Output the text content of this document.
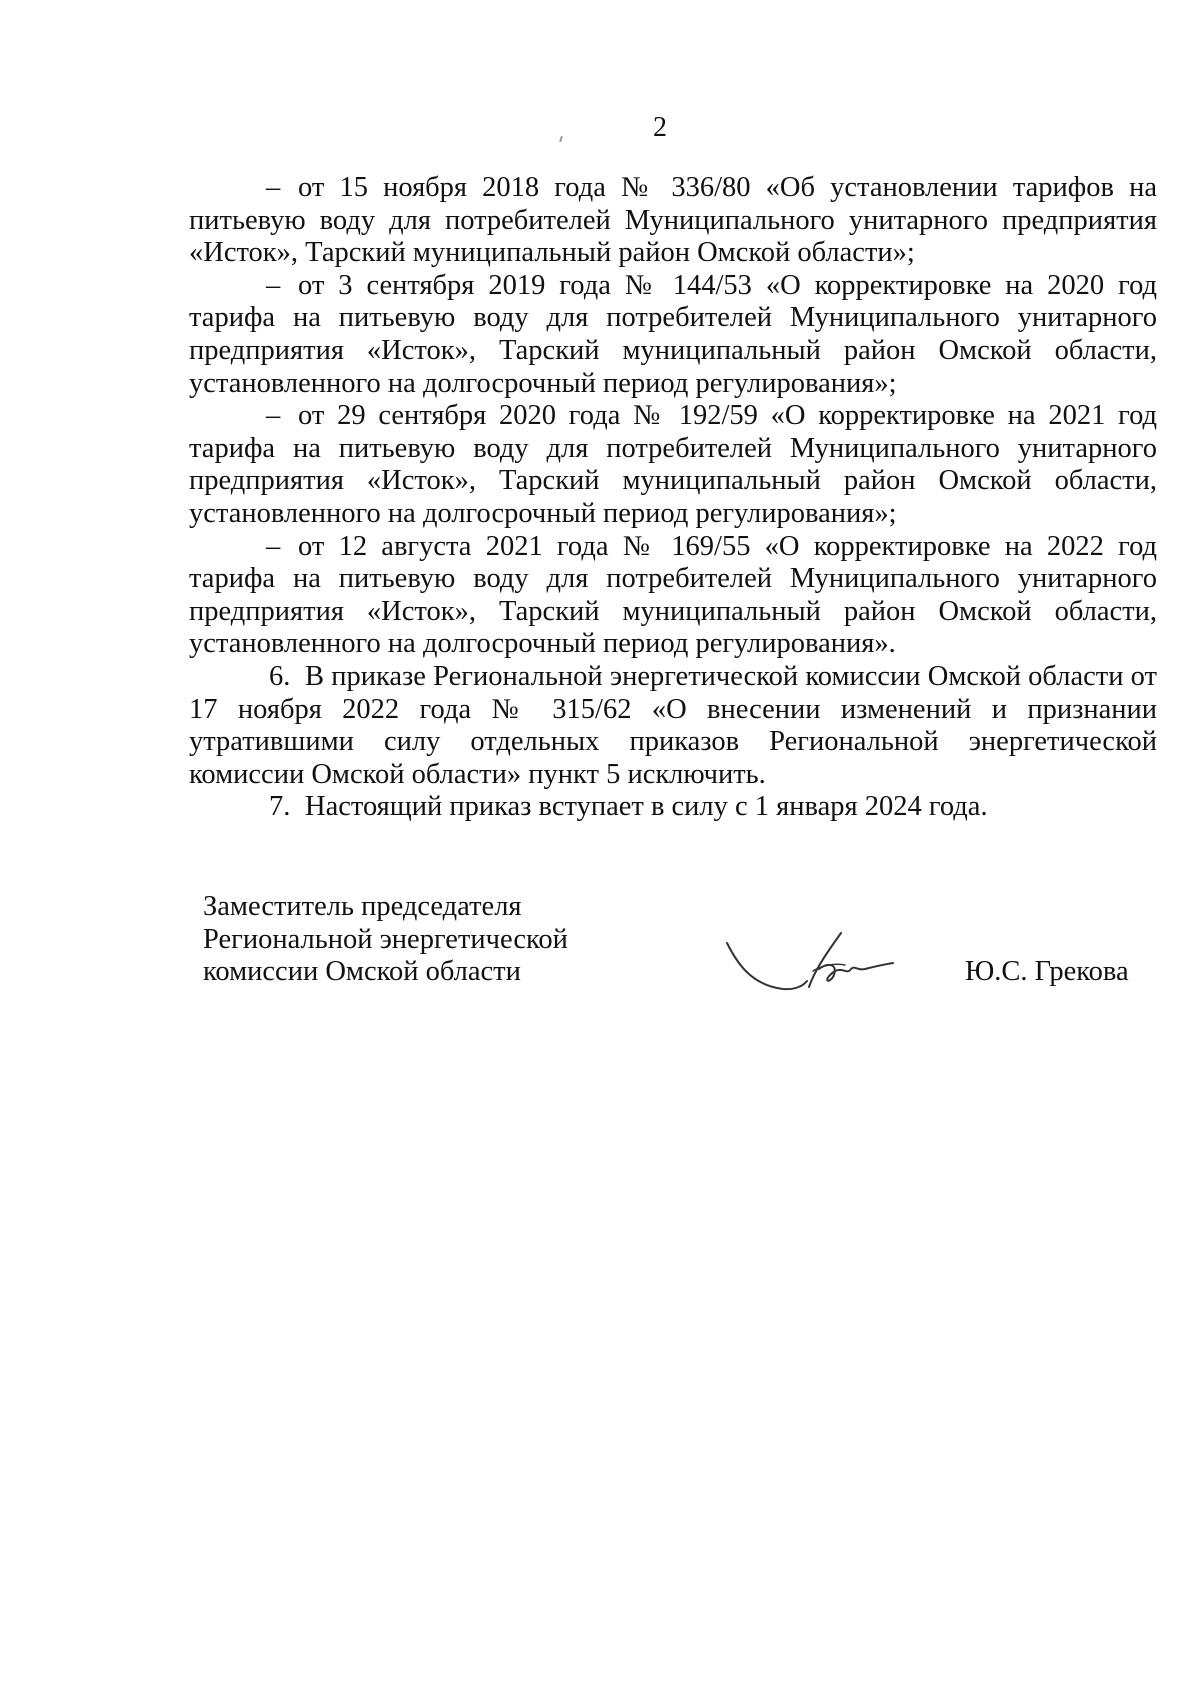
2

– от 15 ноября 2018 года № 336/80 «Об установлении тарифов на питьевую воду для потребителей Муниципального унитарного предприятия «Исток», Тарский муниципальный район Омской области»;

– от 3 сентября 2019 года № 144/53 «О корректировке на 2020 год тарифа на питьевую воду для потребителей Муниципального унитарного предприятия «Исток», Тарский муниципальный район Омской области, установленного на долгосрочный период регулирования»;

– от 29 сентября 2020 года № 192/59 «О корректировке на 2021 год тарифа на питьевую воду для потребителей Муниципального унитарного предприятия «Исток», Тарский муниципальный район Омской области, установленного на долгосрочный период регулирования»;

– от 12 августа 2021 года № 169/55 «О корректировке на 2022 год тарифа на питьевую воду для потребителей Муниципального унитарного предприятия «Исток», Тарский муниципальный район Омской области, установленного на долгосрочный период регулирования».

6. В приказе Региональной энергетической комиссии Омской области от 17 ноября 2022 года № 315/62 «О внесении изменений и признании утратившими силу отдельных приказов Региональной энергетической комиссии Омской области» пункт 5 исключить.

7. Настоящий приказ вступает в силу с 1 января 2024 года.

Заместитель председателя
Региональной энергетической
комиссии Омской области	Ю.С. Грекова
